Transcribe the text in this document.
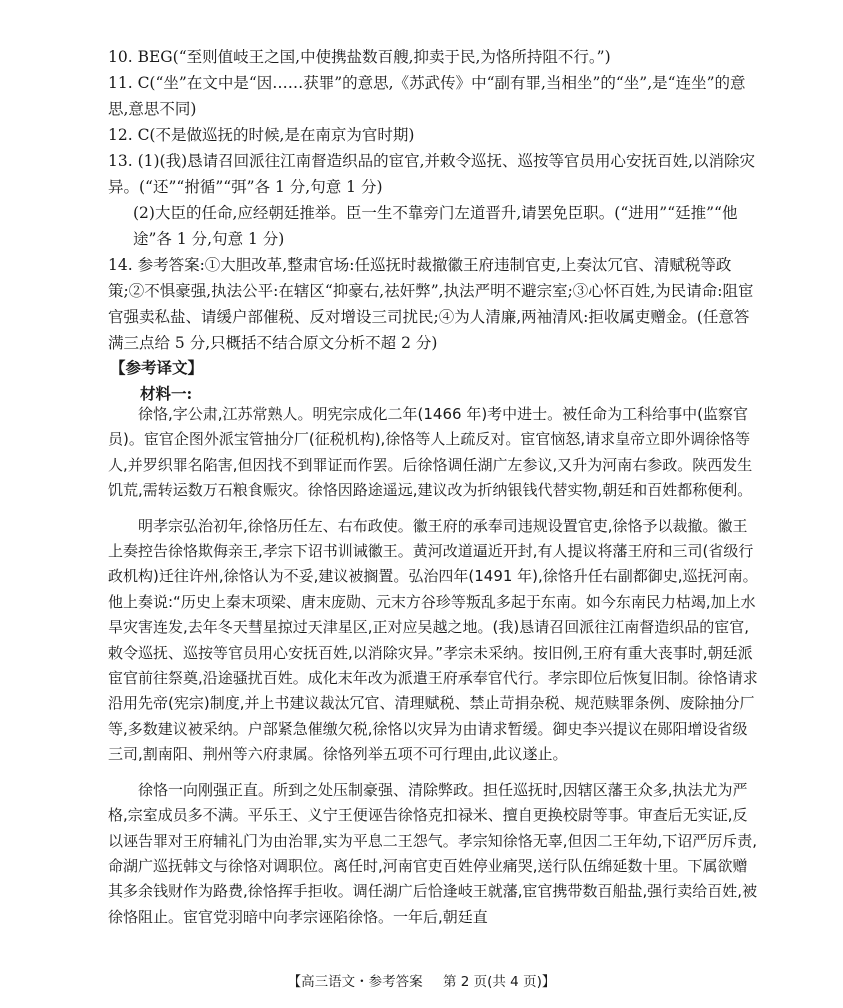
10. BEG(“至则值岐王之国,中使携盐数百艘,抑卖于民,为恪所持阻不行。”)

11. C(“坐”在文中是“因……获罪”的意思,《苏武传》中“副有罪,当相坐”的“坐”,是“连坐”的意思,意思不同)

12. C(不是做巡抚的时候,是在南京为官时期)

13. (1)(我)恳请召回派往江南督造织品的宦官,并敕令巡抚、巡按等官员用心安抚百姓,以消除灾异。(“还”“拊循”“弭”各 1 分,句意 1 分)

(2)大臣的任命,应经朝廷推举。臣一生不靠旁门左道晋升,请罢免臣职。(“进用”“廷推”“他途”各 1 分,句意 1 分)

14. 参考答案:①大胆改革,整肃官场:任巡抚时裁撤徽王府违制官吏,上奏汰冗官、清赋税等政策;②不惧豪强,执法公平:在辖区“抑豪右,祛奸弊”,执法严明不避宗室;③心怀百姓,为民请命:阻宦官强卖私盐、请缓户部催税、反对增设三司扰民;④为人清廉,两袖清风:拒收属吏赠金。(任意答满三点给 5 分,只概括不结合原文分析不超 2 分)

【参考译文】
材料一:

徐恪,字公肃,江苏常熟人。明宪宗成化二年(1466 年)考中进士。被任命为工科给事中(监察官员)。宦官企图外派宝管抽分厂(征税机构),徐恪等人上疏反对。宦官恼怒,请求皇帝立即外调徐恪等人,并罗织罪名陷害,但因找不到罪证而作罢。后徐恪调任湖广左参议,又升为河南右参政。陕西发生饥荒,需转运数万石粮食赈灾。徐恪因路途遥远,建议改为折纳银钱代替实物,朝廷和百姓都称便利。

明孝宗弘治初年,徐恪历任左、右布政使。徽王府的承奉司违规设置官吏,徐恪予以裁撤。徽王上奏控告徐恪欺侮亲王,孝宗下诏书训诫徽王。黄河改道逼近开封,有人提议将藩王府和三司(省级行政机构)迁往许州,徐恪认为不妥,建议被搁置。弘治四年(1491 年),徐恪升任右副都御史,巡抚河南。他上奏说:“历史上秦末项梁、唐末庞勋、元末方谷珍等叛乱多起于东南。如今东南民力枯竭,加上水旱灾害连发,去年冬天彗星掠过天津星区,正对应吴越之地。(我)恳请召回派往江南督造织品的宦官,敕令巡抚、巡按等官员用心安抚百姓,以消除灾异。”孝宗未采纳。按旧例,王府有重大丧事时,朝廷派宦官前往祭奠,沿途骚扰百姓。成化末年改为派遣王府承奉官代行。孝宗即位后恢复旧制。徐恪请求沿用先帝(宪宗)制度,并上书建议裁汰冗官、清理赋税、禁止苛捐杂税、规范赎罪条例、废除抽分厂等,多数建议被采纳。户部紧急催缴欠税,徐恪以灾异为由请求暂缓。御史李兴提议在郧阳增设省级三司,割南阳、荆州等六府隶属。徐恪列举五项不可行理由,此议遂止。

徐恪一向刚强正直。所到之处压制豪强、清除弊政。担任巡抚时,因辖区藩王众多,执法尤为严格,宗室成员多不满。平乐王、义宁王便诬告徐恪克扣禄米、擅自更换校尉等事。审查后无实证,反以诬告罪对王府辅礼门为由治罪,实为平息二王怨气。孝宗知徐恪无辜,但因二王年幼,下诏严厉斥责,命湖广巡抚韩文与徐恪对调职位。离任时,河南官吏百姓停业痛哭,送行队伍绵延数十里。下属欲赠其多余钱财作为路费,徐恪挥手拒收。调任湖广后恰逢岐王就藩,宦官携带数百船盐,强行卖给百姓,被徐恪阻止。宦官党羽暗中向孝宗诬陷徐恪。一年后,朝廷直

【高三语文・参考答案 第 2 页(共 4 页)】
